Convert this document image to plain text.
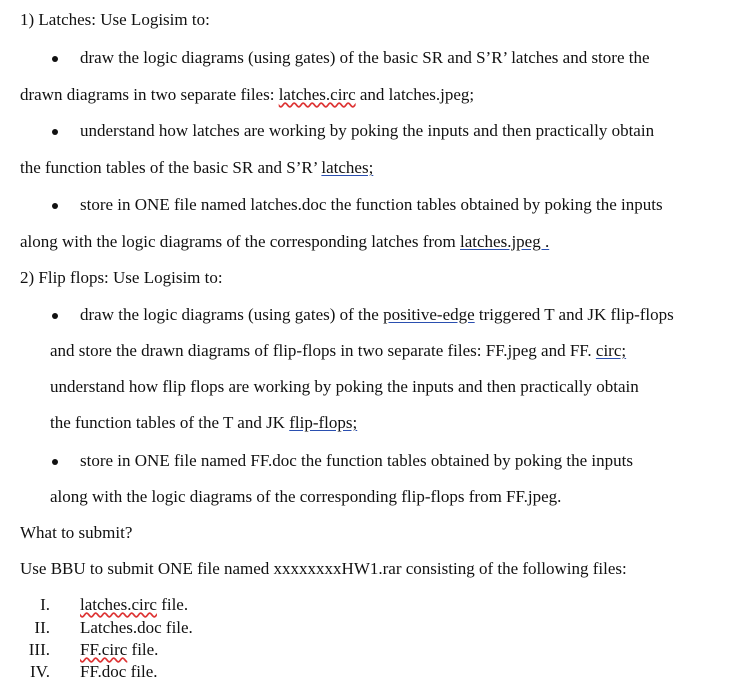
1) Latches: Use Logisim to:
draw the logic diagrams (using gates) of the basic SR and S’R’ latches and store the
drawn diagrams in two separate files: latches.circ and latches.jpeg;
understand how latches are working by poking the inputs and then practically obtain
the function tables of the basic SR and S’R’ latches;
store in ONE file named latches.doc the function tables obtained by poking the inputs
along with the logic diagrams of the corresponding latches from latches.jpeg .
2) Flip flops: Use Logisim to:
draw the logic diagrams (using gates) of the positive-edge triggered T and JK flip-flops
and store the drawn diagrams of flip-flops in two separate files: FF.jpeg and FF. circ;
understand how flip flops are working by poking the inputs and then practically obtain
the function tables of the T and JK flip-flops;
store in ONE file named FF.doc the function tables obtained by poking the inputs
along with the logic diagrams of the corresponding flip-flops from FF.jpeg.
What to submit?
Use BBU to submit ONE file named xxxxxxxxHW1.rar consisting of the following files:
I. latches.circ file.
II. Latches.doc file.
III. FF.circ file.
IV. FF.doc file.
